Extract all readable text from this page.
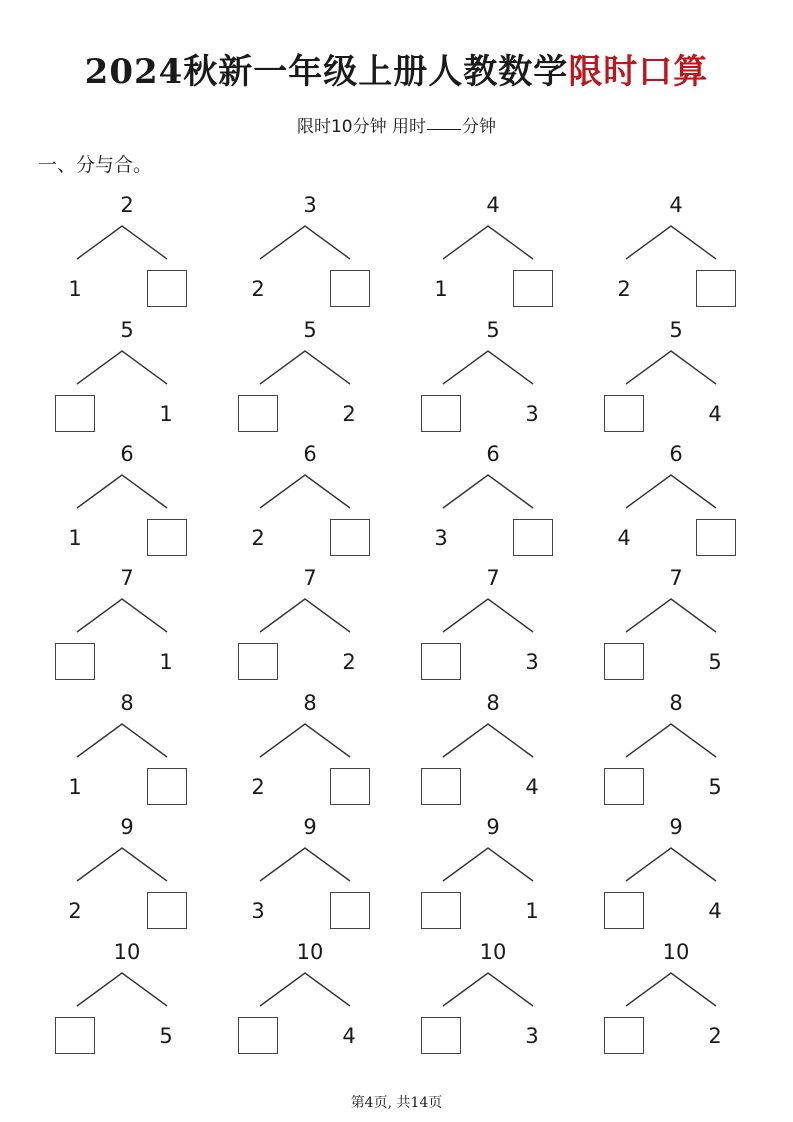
2024秋新一年级上册人教数学限时口算
限时10分钟 用时 分钟
一、分与合。
2
1
3
2
4
1
4
2
5
1
5
2
5
3
5
4
6
1
6
2
6
3
6
4
7
1
7
2
7
3
7
5
8
1
8
2
8
4
8
5
9
2
9
3
9
1
9
4
10
5
10
4
10
3
10
2
第4页, 共14页
